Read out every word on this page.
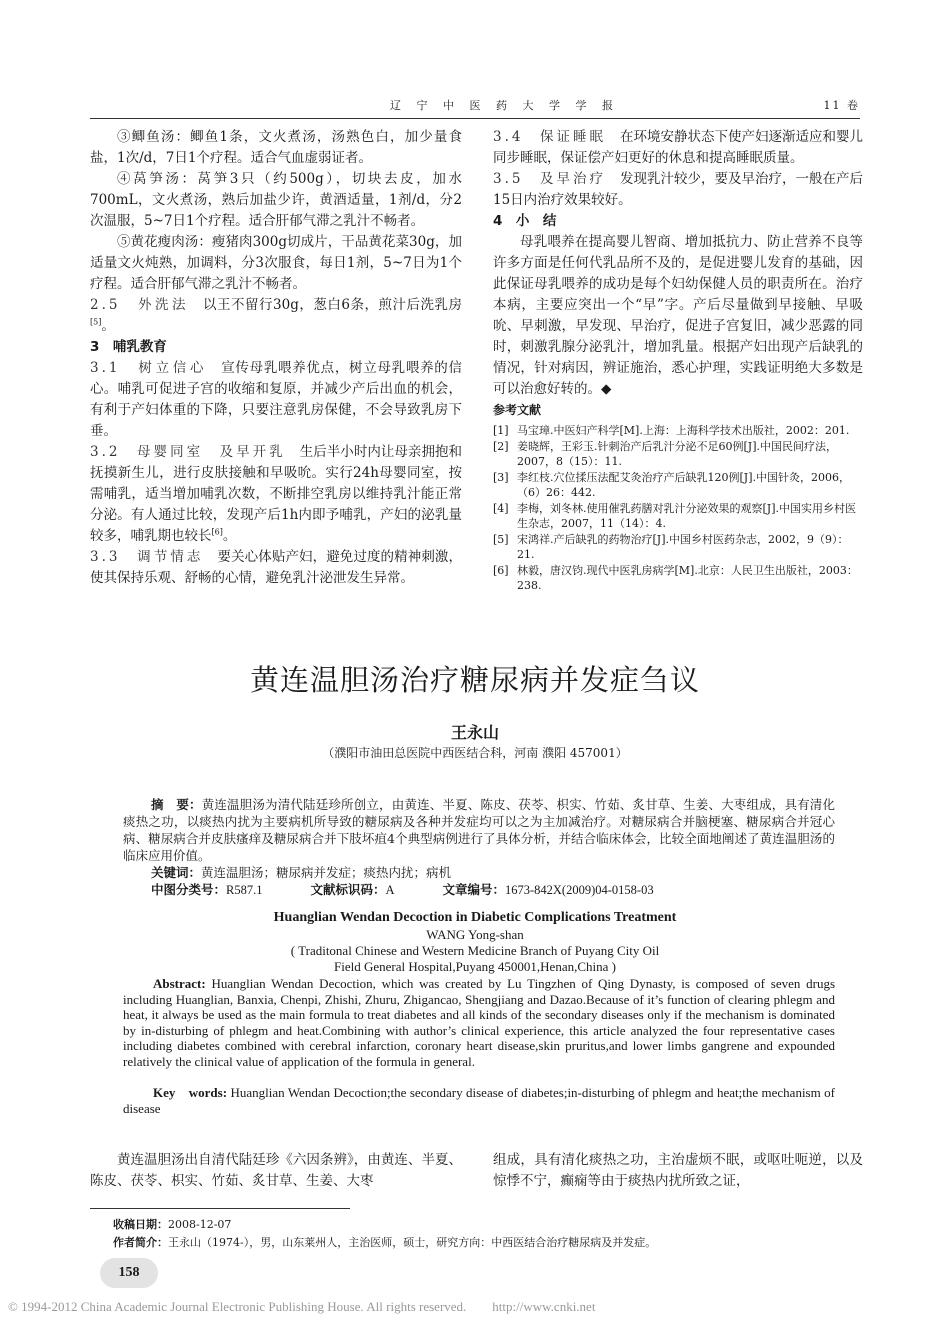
辽 宁 中 医 药 大 学 学 报	11 卷

③鲫鱼汤：鲫鱼1条，文火煮汤，汤熟色白，加少量食盐，1次/d，7日1个疗程。适合气血虚弱证者。

④莴笋汤：莴笋3只（约500g），切块去皮，加水700mL，文火煮汤，熟后加盐少许，黄酒适量，1剂/d，分2次温服，5~7日1个疗程。适合肝郁气滞之乳汁不畅者。

⑤黄花瘦肉汤：瘦猪肉300g切成片，干品黄花菜30g，加适量文火炖熟，加调料，分3次服食，每日1剂，5~7日为1个疗程。适合肝郁气滞之乳汁不畅者。

2.5　外洗法 以王不留行30g，葱白6条，煎汁后洗乳房[5]。

3　哺乳教育

3.1　树立信心 宣传母乳喂养优点，树立母乳喂养的信心。哺乳可促进子宫的收缩和复原，并减少产后出血的机会，有利于产妇体重的下降，只要注意乳房保健，不会导致乳房下垂。

3.2　母婴同室　及早开乳 生后半小时内让母亲拥抱和抚摸新生儿，进行皮肤接触和早吸吮。实行24h母婴同室，按需哺乳，适当增加哺乳次数，不断排空乳房以维持乳汁能正常分泌。有人通过比较，发现产后1h内即予哺乳，产妇的泌乳量较多，哺乳期也较长[6]。

3.3　调节情志 要关心体贴产妇，避免过度的精神刺激，使其保持乐观、舒畅的心情，避免乳汁泌泄发生异常。

3.4　保证睡眠 在环境安静状态下使产妇逐渐适应和婴儿同步睡眠，保证偿产妇更好的休息和提高睡眠质量。

3.5　及早治疗 发现乳汁较少，要及早治疗，一般在产后15日内治疗效果较好。

4　小　结

母乳喂养在提高婴儿智商、增加抵抗力、防止营养不良等许多方面是任何代乳品所不及的，是促进婴儿发育的基础，因此保证母乳喂养的成功是每个妇幼保健人员的职责所在。治疗本病，主要应突出一个“早”字。产后尽量做到早接触、早吸吮、早刺激，早发现、早治疗，促进子宫复旧，减少恶露的同时，刺激乳腺分泌乳汁，增加乳量。根据产妇出现产后缺乳的情况，针对病因，辨证施治，悉心护理，实践证明绝大多数是可以治愈好转的。◆

参考文献
[1] 马宝璋.中医妇产科学[M].上海：上海科学技术出版社，2002：201.
[2] 姜晓辉，王彩玉.针刺治产后乳汁分泌不足60例[J].中国民间疗法，2007，8（15）：11.
[3] 李红枝.穴位揉压法配艾灸治疗产后缺乳120例[J].中国针灸，2006，（6）26：442.
[4] 李梅，刘冬林.使用催乳药膳对乳汁分泌效果的观察[J].中国实用乡村医生杂志，2007，11（14）：4.
[5] 宋鸿祥.产后缺乳的药物治疗[J].中国乡村医药杂志，2002，9（9）：21.
[6] 林毅，唐汉钧.现代中医乳房病学[M].北京：人民卫生出版社，2003：238.
黄连温胆汤治疗糖尿病并发症刍议
王永山
（濮阳市油田总医院中西医结合科，河南 濮阳 457001）
摘　要：黄连温胆汤为清代陆廷珍所创立，由黄连、半夏、陈皮、茯苓、枳实、竹茹、炙甘草、生姜、大枣组成，具有清化痰热之功，以痰热内扰为主要病机所导致的糖尿病及各种并发症均可以之为主加减治疗。对糖尿病合并脑梗塞、糖尿病合并冠心病、糖尿病合并皮肤瘙痒及糖尿病合并下肢坏疽4个典型病例进行了具体分析，并结合临床体会，比较全面地阐述了黄连温胆汤的临床应用价值。
关键词：黄连温胆汤；糖尿病并发症；痰热内扰；病机
中图分类号：R587.1	文献标识码：A	文章编号：1673-842X(2009)04-0158-03
Huanglian Wendan Decoction in Diabetic Complications Treatment
WANG Yong-shan
( Traditonal Chinese and Western Medicine Branch of Puyang City Oil
Field General Hospital,Puyang 450001,Henan,China )
Abstract: Huanglian Wendan Decoction, which was created by Lu Tingzhen of Qing Dynasty, is composed of seven drugs including Huanglian, Banxia, Chenpi, Zhishi, Zhuru, Zhigancao, Shengjiang and Dazao.Because of it’s function of clearing phlegm and heat, it always be used as the main formula to treat diabetes and all kinds of the secondary diseases only if the mechanism is dominated by in-disturbing of phlegm and heat.Combining with author’s clinical experience, this article analyzed the four representative cases including diabetes combined with cerebral infarction, coronary heart disease,skin pruritus,and lower limbs gangrene and expounded relatively the clinical value of application of the formula in general.
Key　words: Huanglian Wendan Decoction;the secondary disease of diabetes;in-disturbing of phlegm and heat;the mechanism of disease

黄连温胆汤出自清代陆廷珍《六因条辨》，由黄连、半夏、陈皮、茯苓、枳实、竹茹、炙甘草、生姜、大枣

组成，具有清化痰热之功，主治虚烦不眠，或呕吐呃逆，以及惊悸不宁，癫痫等由于痰热内扰所致之证，

收稿日期：2008-12-07
作者简介：王永山（1974-），男，山东莱州人，主治医师，硕士，研究方向：中西医结合治疗糖尿病及并发症。
158
© 1994-2012 China Academic Journal Electronic Publishing House. All rights reserved.　　http://www.cnki.net
